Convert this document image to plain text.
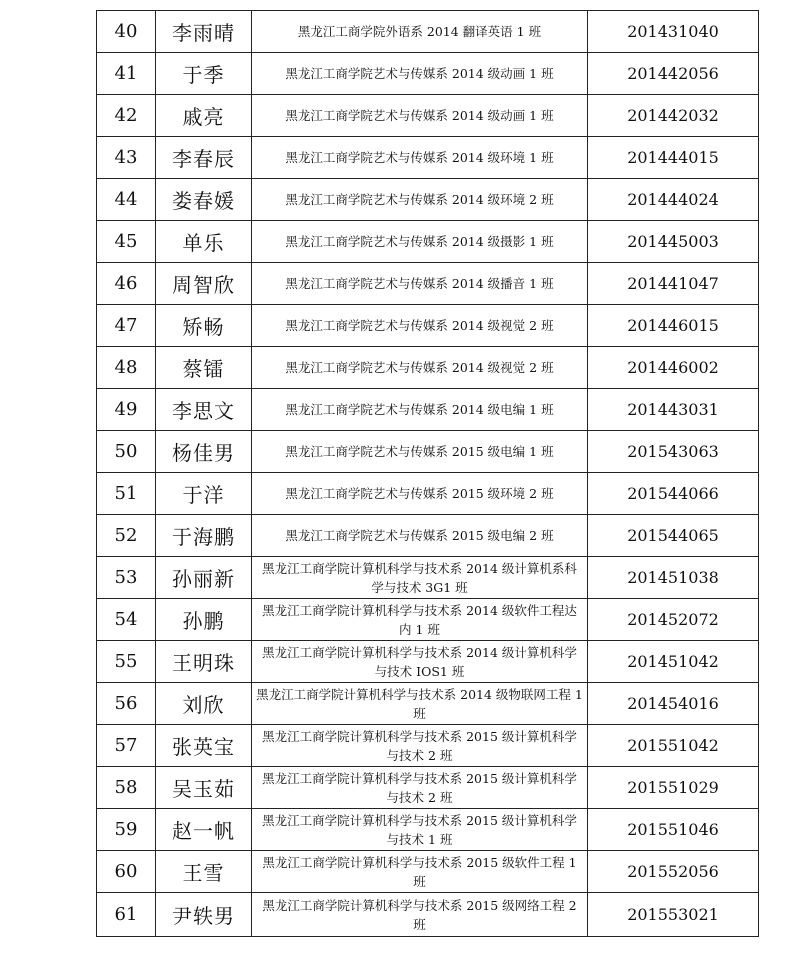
40	李雨晴	黑龙江工商学院外语系 2014 翻译英语 1 班	201431040
41	于季	黑龙江工商学院艺术与传媒系 2014 级动画 1 班	201442056
42	戚亮	黑龙江工商学院艺术与传媒系 2014 级动画 1 班	201442032
43	李春辰	黑龙江工商学院艺术与传媒系 2014 级环境 1 班	201444015
44	娄春媛	黑龙江工商学院艺术与传媒系 2014 级环境 2 班	201444024
45	单乐	黑龙江工商学院艺术与传媒系 2014 级摄影 1 班	201445003
46	周智欣	黑龙江工商学院艺术与传媒系 2014 级播音 1 班	201441047
47	矫畅	黑龙江工商学院艺术与传媒系 2014 级视觉 2 班	201446015
48	蔡镭	黑龙江工商学院艺术与传媒系 2014 级视觉 2 班	201446002
49	李思文	黑龙江工商学院艺术与传媒系 2014 级电编 1 班	201443031
50	杨佳男	黑龙江工商学院艺术与传媒系 2015 级电编 1 班	201543063
51	于洋	黑龙江工商学院艺术与传媒系 2015 级环境 2 班	201544066
52	于海鹏	黑龙江工商学院艺术与传媒系 2015 级电编 2 班	201544065
53	孙丽新	黑龙江工商学院计算机科学与技术系 2014 级计算机系科学与技术 3G1 班	201451038
54	孙鹏	黑龙江工商学院计算机科学与技术系 2014 级软件工程达内 1 班	201452072
55	王明珠	黑龙江工商学院计算机科学与技术系 2014 级计算机科学与技术 IOS1 班	201451042
56	刘欣	黑龙江工商学院计算机科学与技术系 2014 级物联网工程 1 班	201454016
57	张英宝	黑龙江工商学院计算机科学与技术系 2015 级计算机科学与技术 2 班	201551042
58	吴玉茹	黑龙江工商学院计算机科学与技术系 2015 级计算机科学与技术 2 班	201551029
59	赵一帆	黑龙江工商学院计算机科学与技术系 2015 级计算机科学与技术 1 班	201551046
60	王雪	黑龙江工商学院计算机科学与技术系 2015 级软件工程 1 班	201552056
61	尹轶男	黑龙江工商学院计算机科学与技术系 2015 级网络工程 2 班	201553021
